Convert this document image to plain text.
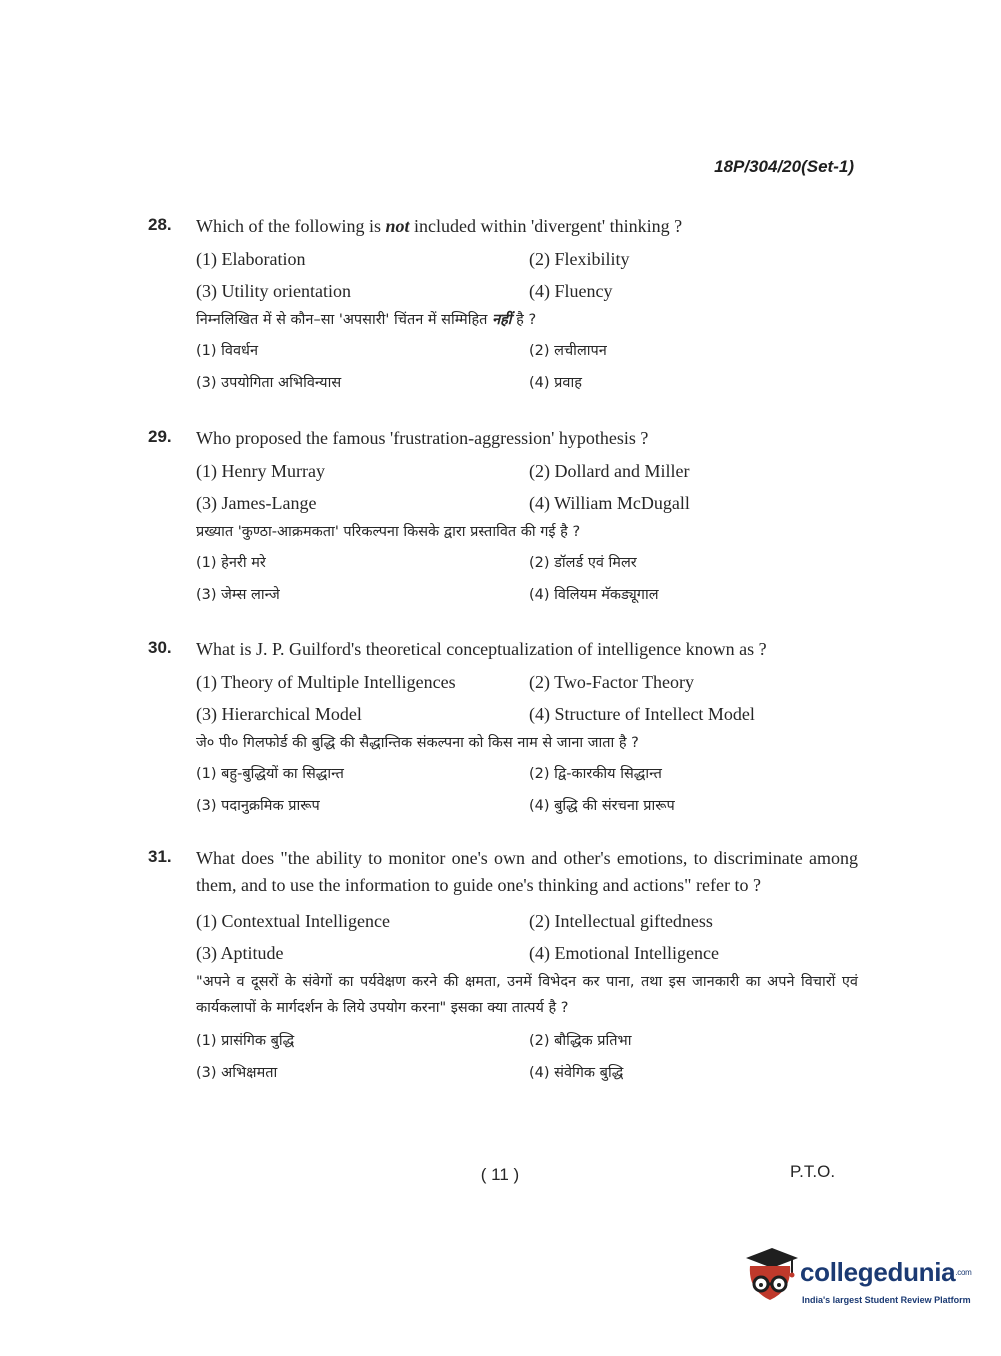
18P/304/20(Set-1)
28.	Which of the following is not included within 'divergent' thinking ?
(1) Elaboration	(2) Flexibility
(3) Utility orientation	(4) Fluency
निम्नलिखित में से कौन–सा 'अपसारी' चिंतन में सम्मिहित नहीं है ?
(1) विवर्धन	(2) लचीलापन
(3) उपयोगिता अभिविन्यास	(4) प्रवाह
29.	Who proposed the famous 'frustration-aggression' hypothesis ?
(1) Henry Murray	(2) Dollard and Miller
(3) James-Lange	(4) William McDugall
प्रख्यात 'कुण्ठा-आक्रमकता' परिकल्पना किसके द्वारा प्रस्तावित की गई है ?
(1) हेनरी मरे	(2) डॉलर्ड एवं मिलर
(3) जेम्स लान्जे	(4) विलियम मॅकड्यूगाल
30.	What is J. P. Guilford's theoretical conceptualization of intelligence known as ?
(1) Theory of Multiple Intelligences	(2) Two-Factor Theory
(3) Hierarchical Model	(4) Structure of Intellect Model
जे० पी० गिलफोर्ड की बुद्धि की सैद्धान्तिक संकल्पना को किस नाम से जाना जाता है ?
(1) बहु-बुद्धियों का सिद्धान्त	(2) द्वि-कारकीय सिद्धान्त
(3) पदानुक्रमिक प्रारूप	(4) बुद्धि की संरचना प्रारूप
31.	What does "the ability to monitor one's own and other's emotions, to discriminate among them, and to use the information to guide one's thinking and actions" refer to ?
(1) Contextual Intelligence	(2) Intellectual giftedness
(3) Aptitude	(4) Emotional Intelligence
"अपने व दूसरों के संवेगों का पर्यवेक्षण करने की क्षमता, उनमें विभेदन कर पाना, तथा इस जानकारी का अपने विचारों एवं कार्यकलापों के मार्गदर्शन के लिये उपयोग करना" इसका क्या तात्पर्य है ?
(1) प्रासंगिक बुद्धि	(2) बौद्धिक प्रतिभा
(3) अभिक्षमता	(4) संवेगिक बुद्धि
( 11 )	P.T.O.
collegedunia$^{.com}$
India's largest Student Review Platform
